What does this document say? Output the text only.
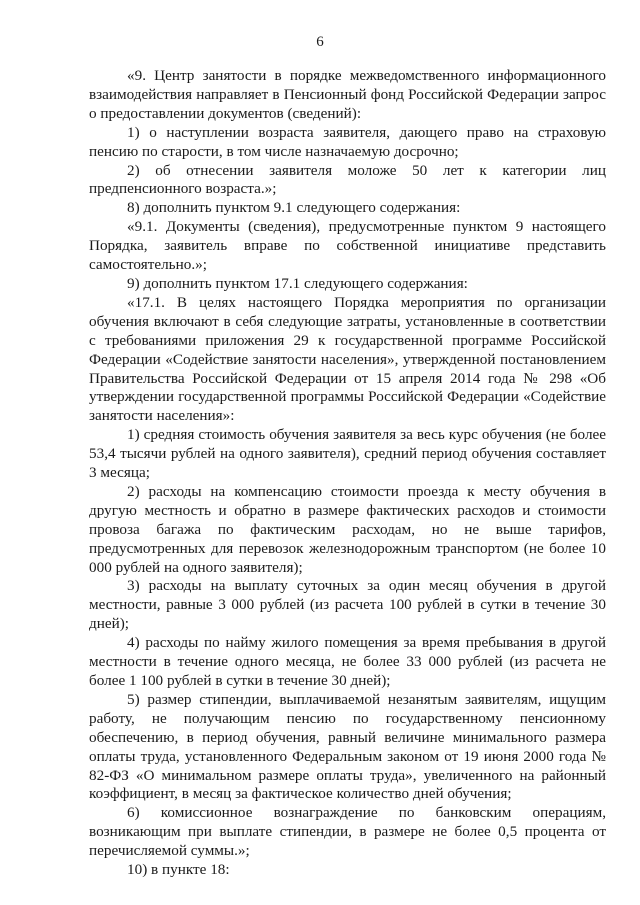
6

«9. Центр занятости в порядке межведомственного информационного взаимодействия направляет в Пенсионный фонд Российской Федерации запрос о предоставлении документов (сведений):

1) о наступлении возраста заявителя, дающего право на страховую пенсию по старости, в том числе назначаемую досрочно;

2) об отнесении заявителя моложе 50 лет к категории лиц предпенсионного возраста.»;

8) дополнить пунктом 9.1 следующего содержания:

«9.1. Документы (сведения), предусмотренные пунктом 9 настоящего Порядка, заявитель вправе по собственной инициативе представить самостоятельно.»;

9) дополнить пунктом 17.1 следующего содержания:

«17.1. В целях настоящего Порядка мероприятия по организации обучения включают в себя следующие затраты, установленные в соответствии с требованиями приложения 29 к государственной программе Российской Федерации «Содействие занятости населения», утвержденной постановлением Правительства Российской Федерации от 15 апреля 2014 года № 298 «Об утверждении государственной программы Российской Федерации «Содействие занятости населения»:

1) средняя стоимость обучения заявителя за весь курс обучения (не более 53,4 тысячи рублей на одного заявителя), средний период обучения составляет 3 месяца;

2) расходы на компенсацию стоимости проезда к месту обучения в другую местность и обратно в размере фактических расходов и стоимости провоза багажа по фактическим расходам, но не выше тарифов, предусмотренных для перевозок железнодорожным транспортом (не более 10 000 рублей на одного заявителя);

3) расходы на выплату суточных за один месяц обучения в другой местности, равные 3 000 рублей (из расчета 100 рублей в сутки в течение 30 дней);

4) расходы по найму жилого помещения за время пребывания в другой местности в течение одного месяца, не более 33 000 рублей (из расчета не более 1 100 рублей в сутки в течение 30 дней);

5) размер стипендии, выплачиваемой незанятым заявителям, ищущим работу, не получающим пенсию по государственному пенсионному обеспечению, в период обучения, равный величине минимального размера оплаты труда, установленного Федеральным законом от 19 июня 2000 года № 82-ФЗ «О минимальном размере оплаты труда», увеличенного на районный коэффициент, в месяц за фактическое количество дней обучения;

6) комиссионное вознаграждение по банковским операциям, возникающим при выплате стипендии, в размере не более 0,5 процента от перечисляемой суммы.»;

10) в пункте 18:
